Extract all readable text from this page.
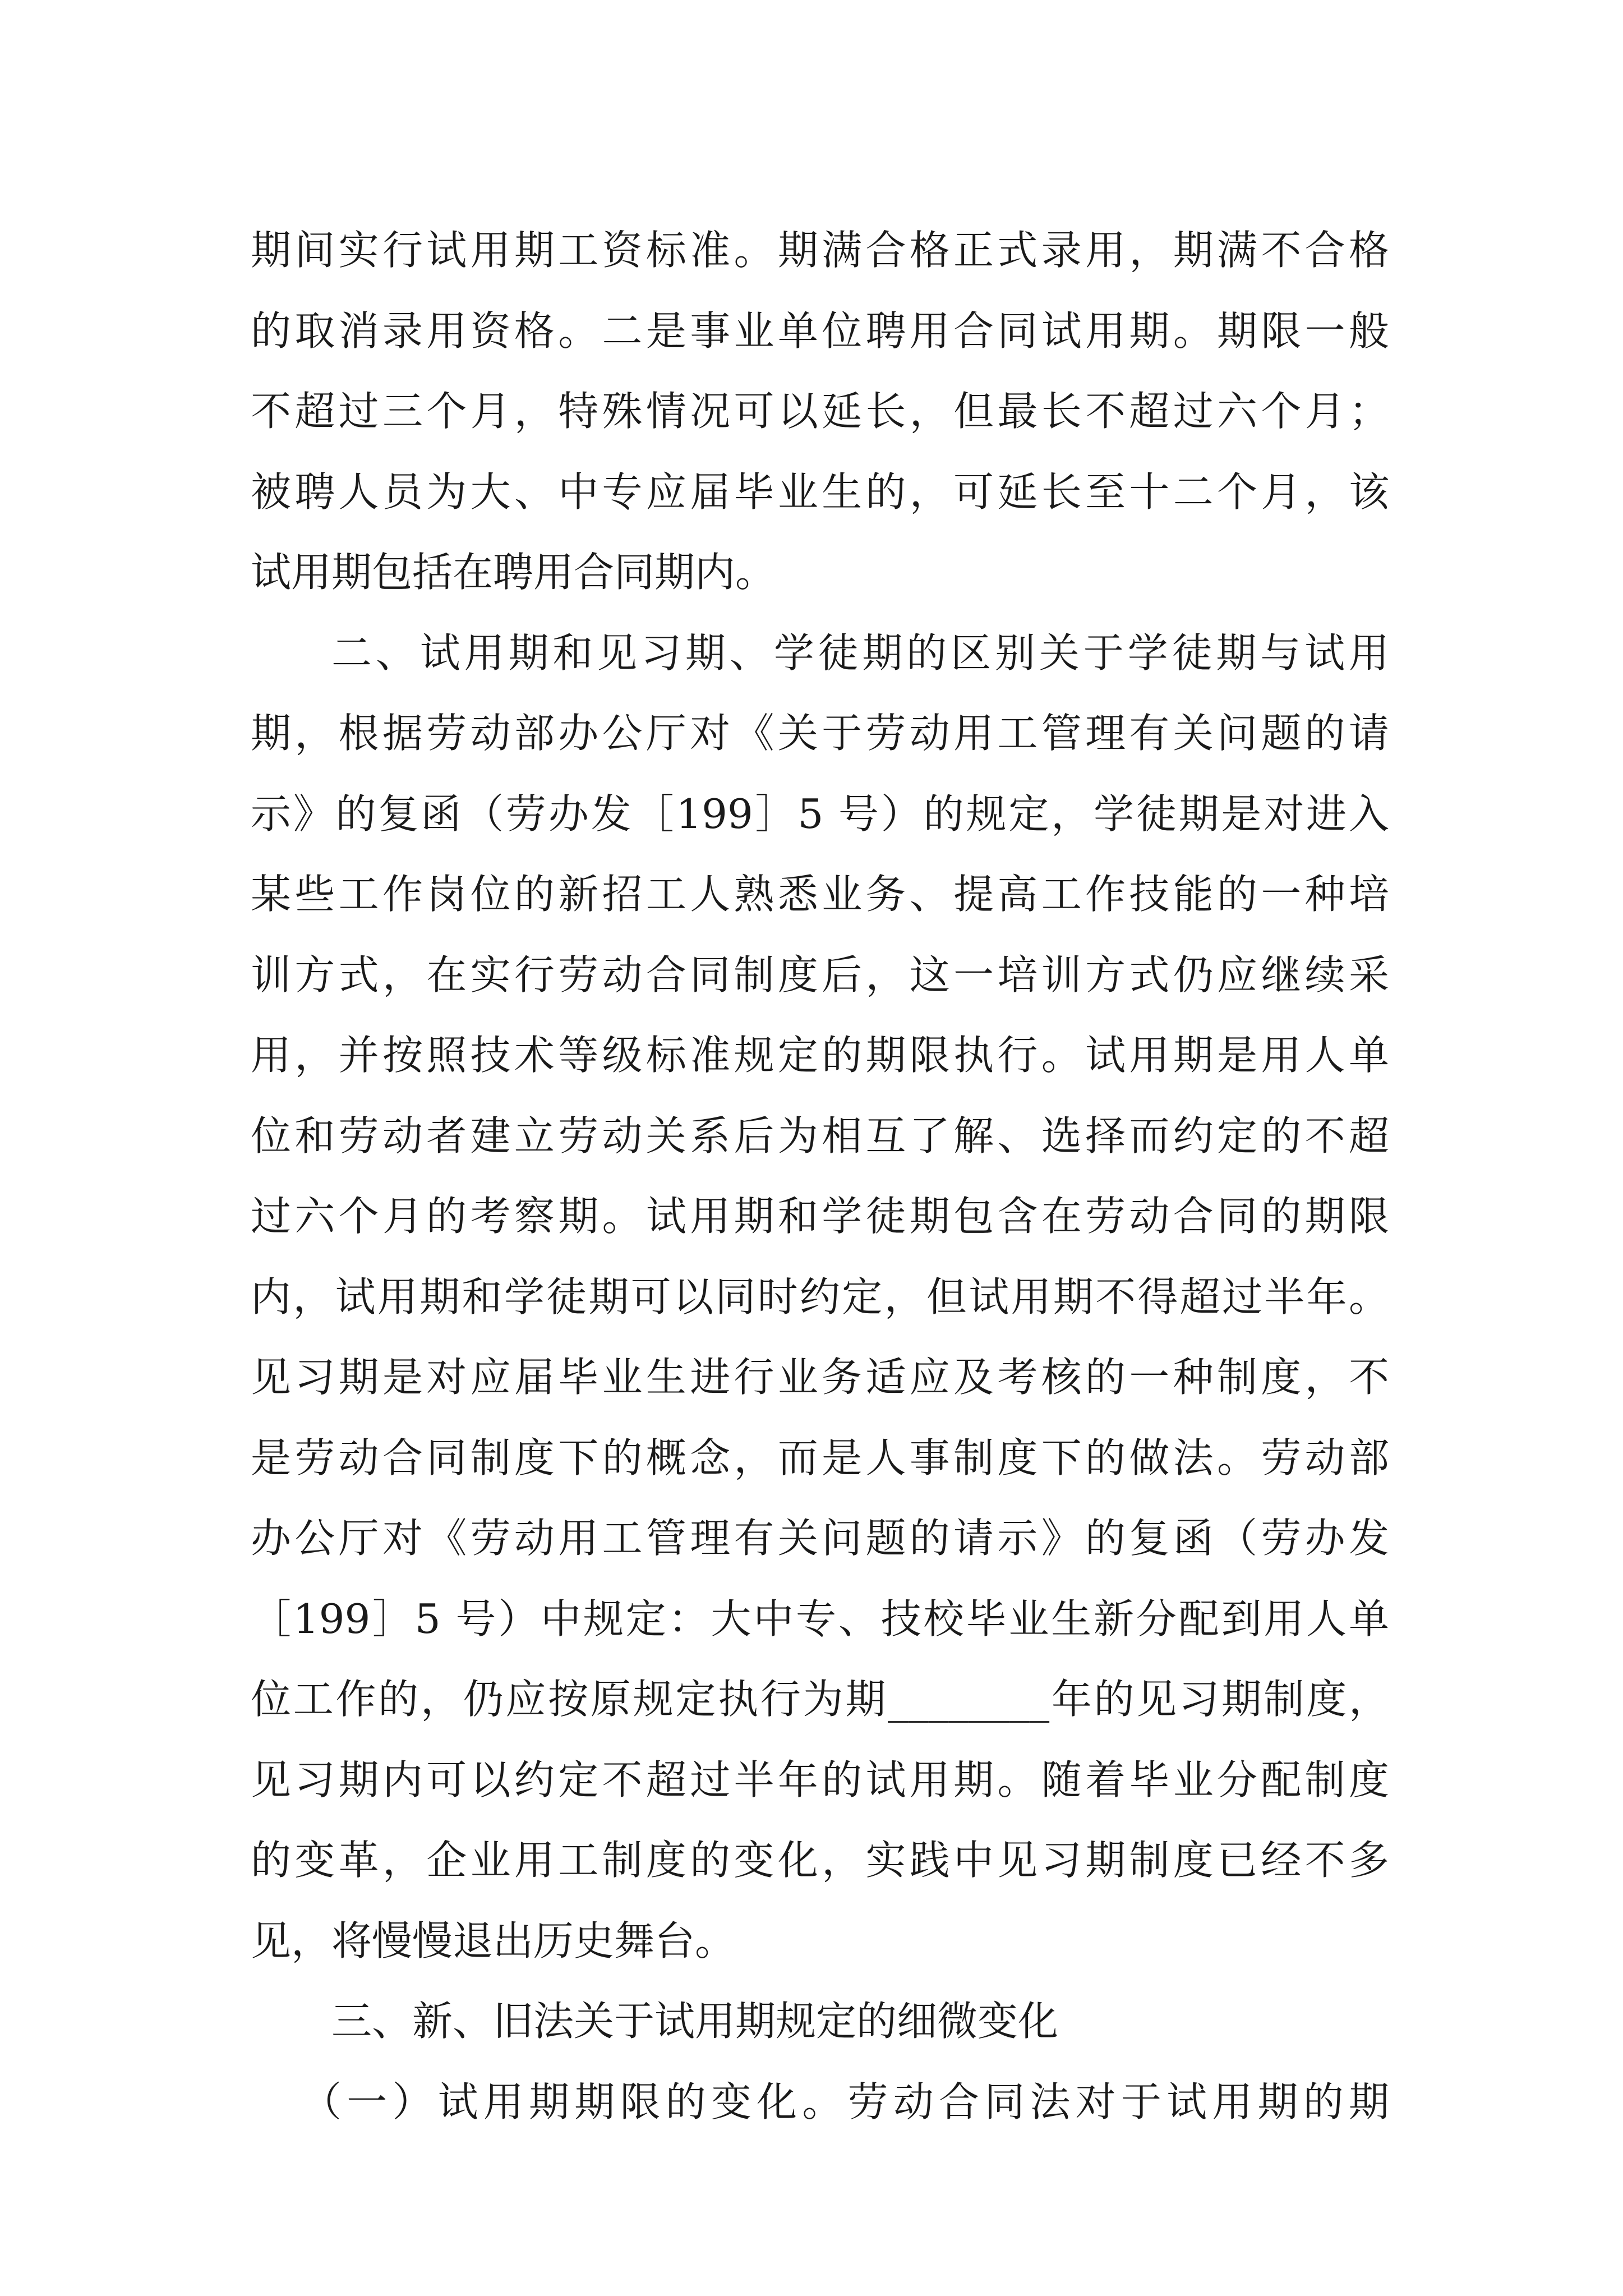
期间实行试用期工资标准。期满合格正式录用，期满不合格
的取消录用资格。二是事业单位聘用合同试用期。期限一般
不超过三个月，特殊情况可以延长，但最长不超过六个月；
被聘人员为大、中专应届毕业生的，可延长至十二个月，该
试用期包括在聘用合同期内。
二、试用期和见习期、学徒期的区别关于学徒期与试用
期，根据劳动部办公厅对《关于劳动用工管理有关问题的请
示》的复函（劳办发［199］5 号）的规定，学徒期是对进入
某些工作岗位的新招工人熟悉业务、提高工作技能的一种培
训方式，在实行劳动合同制度后，这一培训方式仍应继续采
用，并按照技术等级标准规定的期限执行。试用期是用人单
位和劳动者建立劳动关系后为相互了解、选择而约定的不超
过六个月的考察期。试用期和学徒期包含在劳动合同的期限
内，试用期和学徒期可以同时约定，但试用期不得超过半年。
见习期是对应届毕业生进行业务适应及考核的一种制度，不
是劳动合同制度下的概念，而是人事制度下的做法。劳动部
办公厅对《劳动用工管理有关问题的请示》的复函（劳办发
［199］5 号）中规定：大中专、技校毕业生新分配到用人单
位工作的，仍应按原规定执行为期________年的见习期制度，
见习期内可以约定不超过半年的试用期。随着毕业分配制度
的变革，企业用工制度的变化，实践中见习期制度已经不多
见，将慢慢退出历史舞台。
三、新、旧法关于试用期规定的细微变化
（一）试用期期限的变化。劳动合同法对于试用期的期
